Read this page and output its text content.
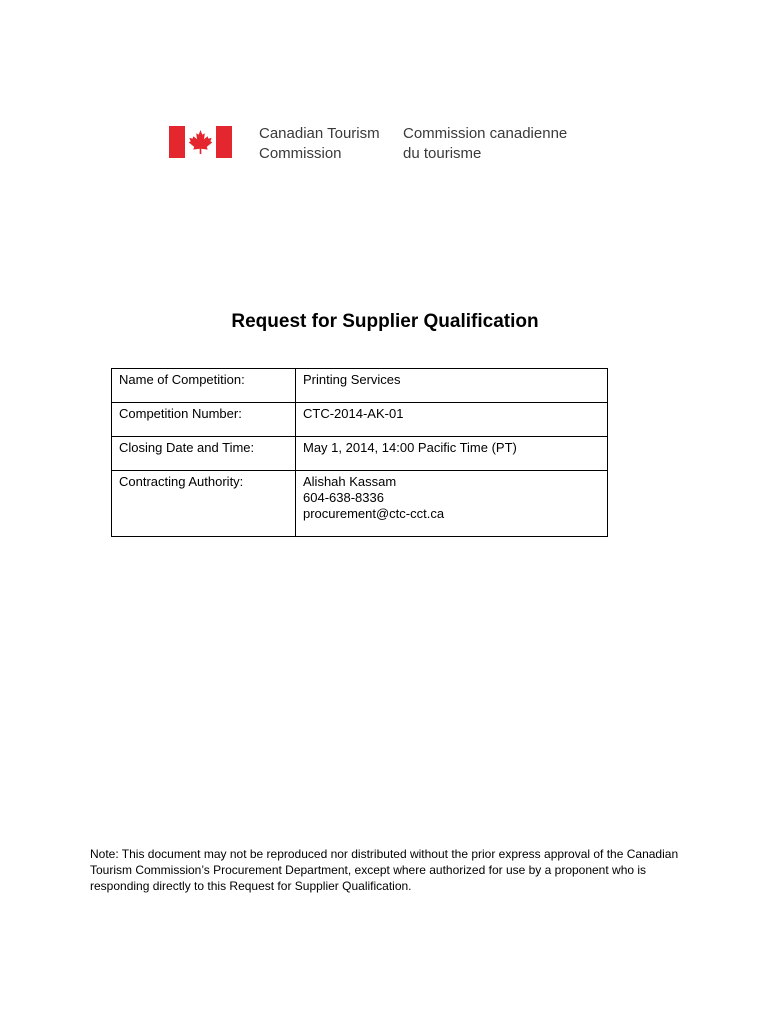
Canadian Tourism
Commission
Commission canadienne
du tourisme
Request for Supplier Qualification
Name of Competition:	Printing Services
Competition Number:	CTC-2014-AK-01
Closing Date and Time:	May 1, 2014, 14:00 Pacific Time (PT)
Contracting Authority:	Alishah Kassam
604-638-8336
procurement@ctc-cct.ca
Note: This document may not be reproduced nor distributed without the prior express approval of the Canadian Tourism Commission’s Procurement Department, except where authorized for use by a proponent who is responding directly to this Request for Supplier Qualification.
